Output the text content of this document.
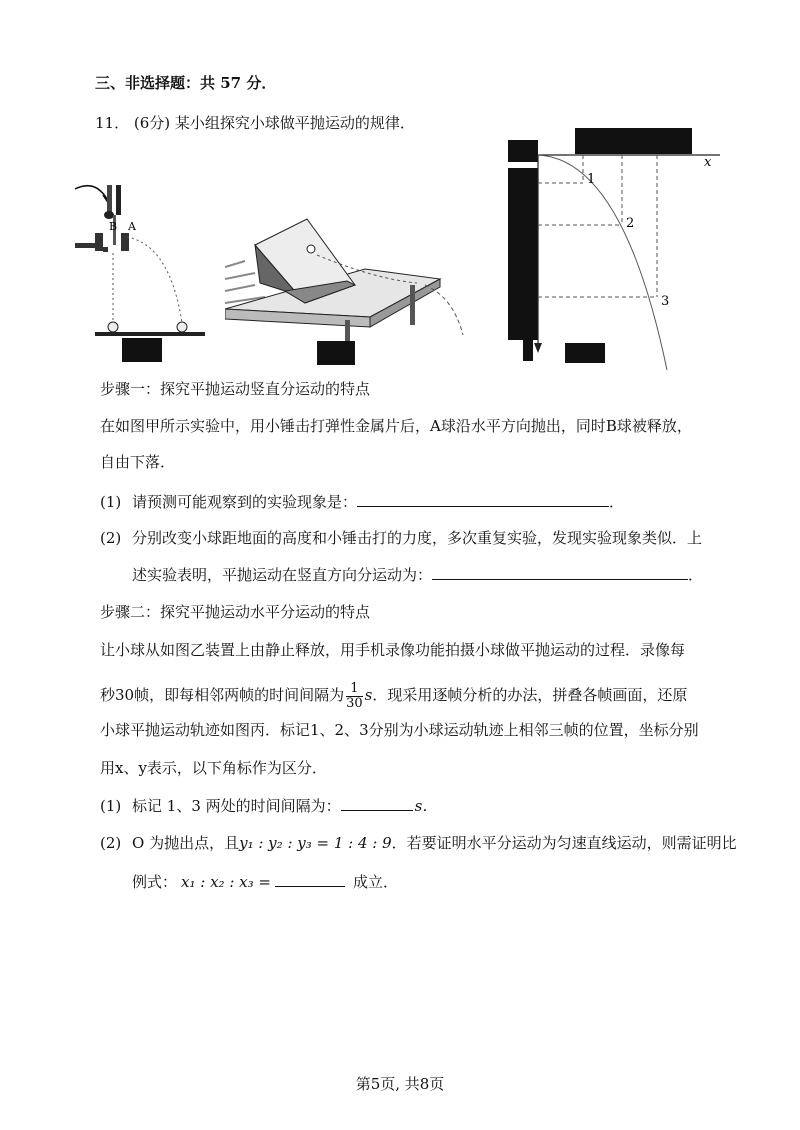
三、非选择题：共 57 分．
11． (6分) 某小组探究小球做平抛运动的规律．
B A
x
1
2
3
步骤一：探究平抛运动竖直分运动的特点
在如图甲所示实验中，用小锤击打弹性金属片后，A球沿水平方向抛出，同时B球被释放，
自由下落．
(1) 请预测可能观察到的实验现象是：	．
(2) 分别改变小球距地面的高度和小锤击打的力度，多次重复实验，发现实验现象类似．上
述实验表明，平抛运动在竖直方向分运动为：	．
步骤二：探究平抛运动水平分运动的特点
让小球从如图乙装置上由静止释放，用手机录像功能拍摄小球做平抛运动的过程．录像每
秒30帧，即每相邻两帧的时间间隔为 $\frac{1}{30}$ s．现采用逐帧分析的办法，拼叠各帧画面，还原
小球平抛运动轨迹如图丙．标记1、2、3分别为小球运动轨迹上相邻三帧的位置，坐标分别
用x、y表示，以下角标作为区分．
(1) 标记 1、3 两处的时间间隔为：	s．
(2) O 为抛出点，且y₁ : y₂ : y₃ = 1 : 4 : 9．若要证明水平分运动为匀速直线运动，则需证明比
例式： x₁ : x₂ : x₃ =	成立．
第5页, 共8页
